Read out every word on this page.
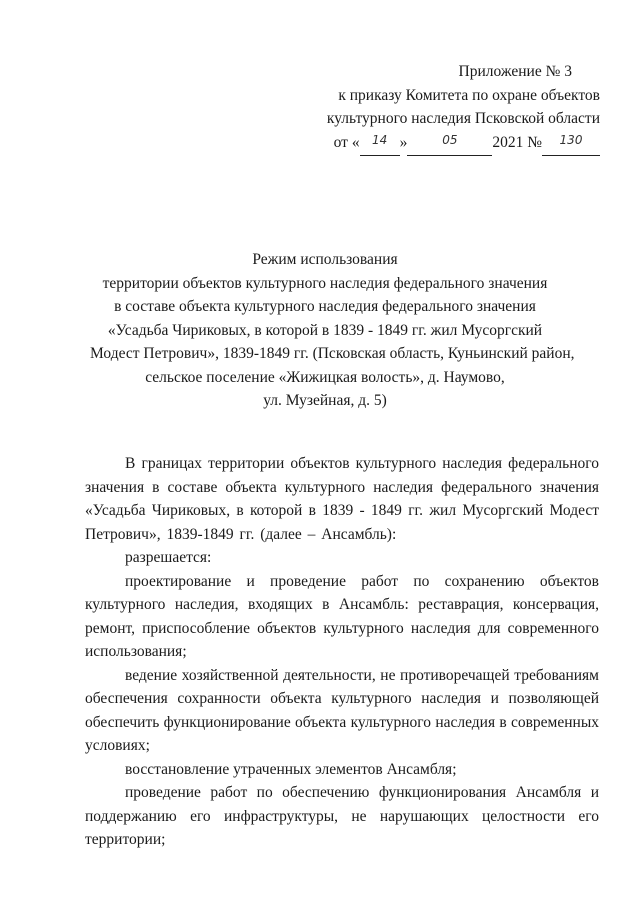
Приложение № 3
к приказу Комитета по охране объектов
культурного наследия Псковской области
от « 14 »	05 2021 № 130
Режим использования
территории объектов культурного наследия федерального значения
в составе объекта культурного наследия федерального значения
«Усадьба Чириковых, в которой в 1839 - 1849 гг. жил Мусоргский
Модест Петрович», 1839-1849 гг. (Псковская область, Куньинский район,
сельское поселение «Жижицкая волость», д. Наумово,
ул. Музейная, д. 5)

В границах территории объектов культурного наследия федерального значения в составе объекта культурного наследия федерального значения «Усадьба Чириковых, в которой в 1839 - 1849 гг. жил Мусоргский Модест Петрович», 1839-1849 гг. (далее – Ансамбль):

разрешается:

проектирование и проведение работ по сохранению объектов культурного наследия, входящих в Ансамбль: реставрация, консервация, ремонт, приспособление объектов культурного наследия для современного использования;

ведение хозяйственной деятельности, не противоречащей требованиям обеспечения сохранности объекта культурного наследия и позволяющей обеспечить функционирование объекта культурного наследия в современных условиях;

восстановление утраченных элементов Ансамбля;

проведение работ по обеспечению функционирования Ансамбля и поддержанию его инфраструктуры, не нарушающих целостности его территории;
